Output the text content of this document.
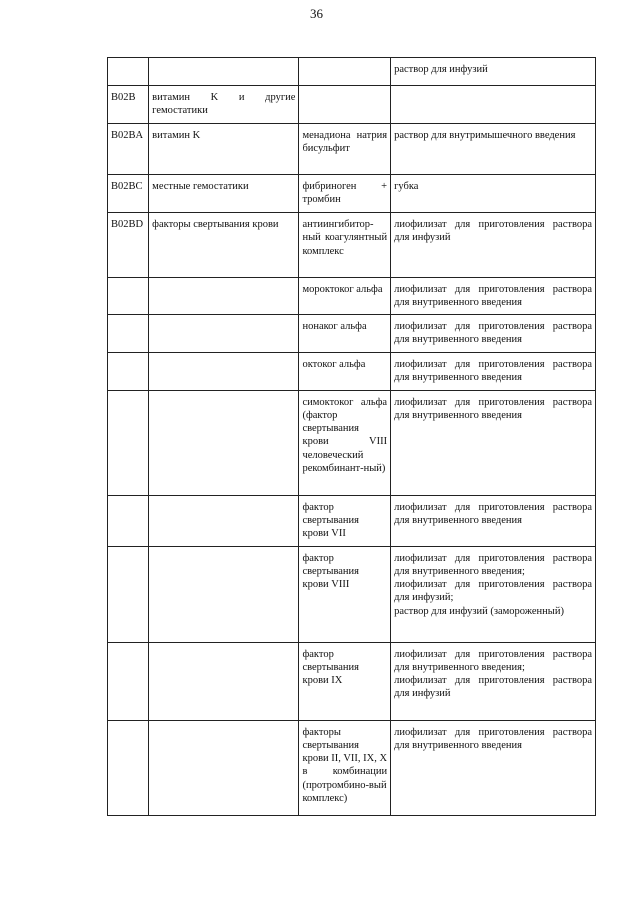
36
			раствор для инфузий
B02B	витамин K и другие гемостатики		
B02BA	витамин K	менадиона натрия бисульфит	раствор для внутримышечного введения
B02BC	местные гемостатики	фибриноген + тромбин	губка
B02BD	факторы свертывания крови	антиингибитор-ный коагулянтный комплекс	лиофилизат для приготовления раствора для инфузий
		мороктоког альфа	лиофилизат для приготовления раствора для внутривенного введения
		нонаког альфа	лиофилизат для приготовления раствора для внутривенного введения
		октоког альфа	лиофилизат для приготовления раствора для внутривенного введения
		симоктоког альфа (фактор свертывания крови VIII человеческий рекомбинант-ный)	лиофилизат для приготовления раствора для внутривенного введения
		фактор свертывания крови VII	лиофилизат для приготовления раствора для внутривенного введения
		фактор свертывания крови VIII	лиофилизат для приготовления раствора для внутривенного введения;
лиофилизат для приготовления раствора для инфузий;
раствор для инфузий (замороженный)
		фактор свертывания крови IX	лиофилизат для приготовления раствора для внутривенного введения;
лиофилизат для приготовления раствора для инфузий
		факторы свертывания крови II, VII, IX, X в комбинации (протромбино-вый комплекс)	лиофилизат для приготовления раствора для внутривенного введения
